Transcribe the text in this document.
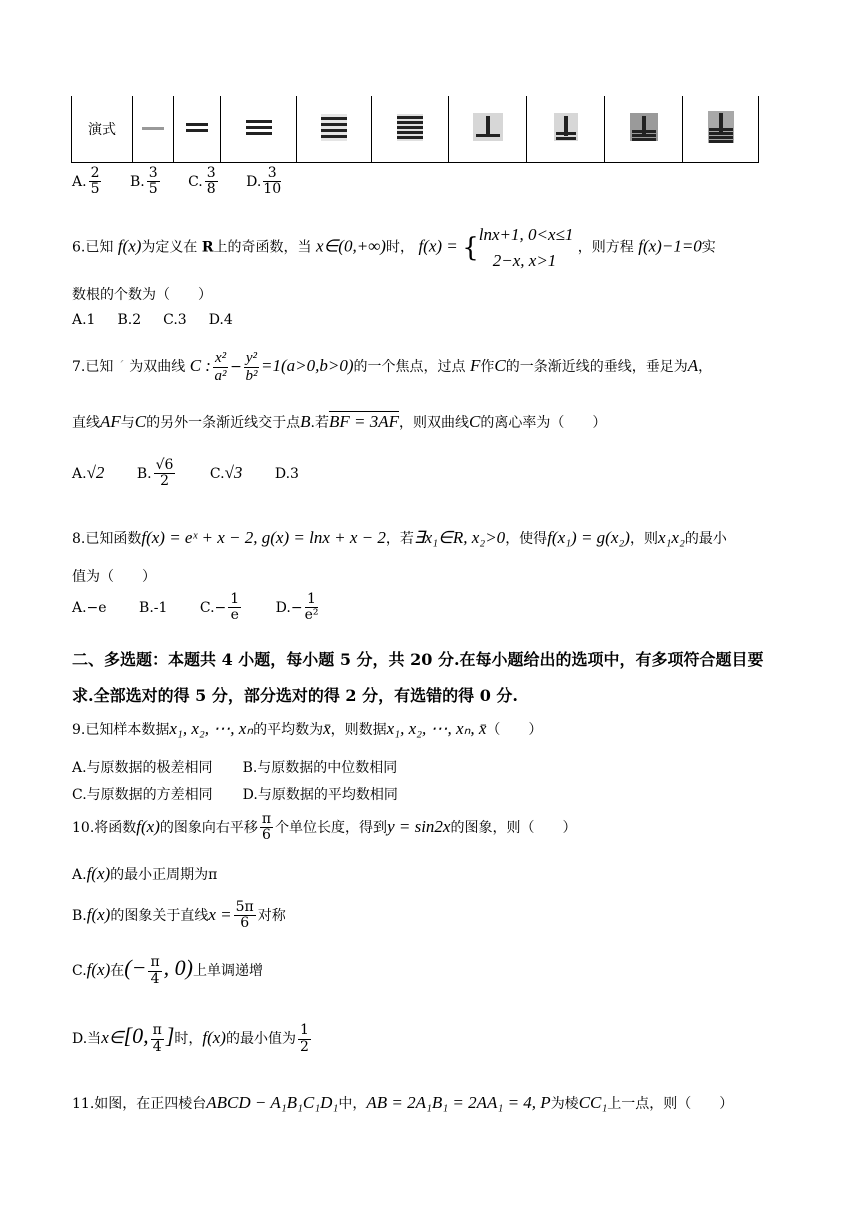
演式	

A. $\frac{2}{5} B$. $\frac{3}{5} C$. $\frac{3}{8} D$. $\frac{3}{10}$
6.已知 f(x)为定义在 R上的奇函数，当 x∈(0,+∞)时， f(x) = { lnx+1, 0<x≤1
2−x, x>1
，则方程 f(x)−1=0实
数根的个数为（　　）
A.1 B.2 C.3 D.4
7.已知 ˊ 为双曲线 C : $\frac{\text{x²}}{\text{a²}} - \frac{\text{y²}}{\text{b²}} =1(a>0,b>0)$的一个焦点，过点 F作C的一条渐近线的垂线，垂足为A，
直线AF与C的另外一条渐近线交于点B.若BF = 3AF，则双曲线C的离心率为（　　）
A.√2 B. $\frac{√6}{2} C.√3$ D.3
8.已知函数f(x) = eˣ + x − 2, g(x) = lnx + x − 2，若∃x₁∈R, x₂>0，使得f(x₁) = g(x₂)，则x₁x₂的最小
值为（　　）
A.−e B.-1 $C.- \frac{1}{e} D.- \frac{1}{\text{e²}}$
二、多选题：本题共 4 小题，每小题 5 分，共 20 分.在每小题给出的选项中，有多项符合题目要
求.全部选对的得 5 分，部分选对的得 2 分，有选错的得 0 分.
9.已知样本数据x₁, x₂, ⋯, xₙ的平均数为x̄，则数据x₁, x₂, ⋯, xₙ, x̄（　　）
A.与原数据的极差相同 B.与原数据的中位数相同
C.与原数据的方差相同 D.与原数据的平均数相同
10.将函数f(x)的图象向右平移 $\frac{\pi}{6}$ 个单位长度，得到y = sin2x的图象，则（　　）
A.f(x)的最小正周期为π
B.f(x)的图象关于直线$x = \frac{5\pi}{6}$ 对称
C.f(x)在(− $\frac{\pi}{4}$ , 0)上单调递增
D.当x∈[0, $\frac{\pi}{4}$ ]时，f(x)的最小值为 $\frac{1}{2}$
11.如图，在正四棱台ABCD − A₁B₁C₁D₁中，AB = 2A₁B₁ = 2AA₁ = 4, P为棱CC₁上一点，则（　　）
